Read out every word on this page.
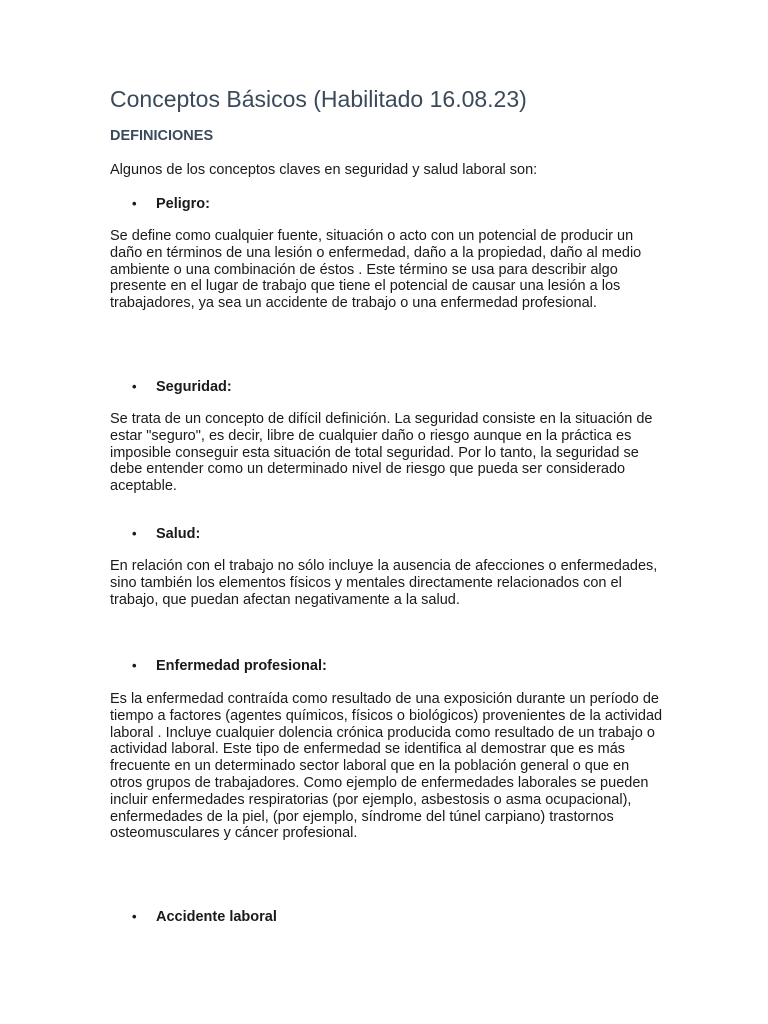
Conceptos Básicos (Habilitado 16.08.23)
DEFINICIONES

Algunos de los conceptos claves en seguridad y salud laboral son:

• Peligro:

Se define como cualquier fuente, situación o acto con un potencial de producir un daño en términos de una lesión o enfermedad, daño a la propiedad, daño al medio ambiente o una combinación de éstos . Este término se usa para describir algo presente en el lugar de trabajo que tiene el potencial de causar una lesión a los trabajadores, ya sea un accidente de trabajo o una enfermedad profesional.

• Seguridad:

Se trata de un concepto de difícil definición. La seguridad consiste en la situación de estar "seguro", es decir, libre de cualquier daño o riesgo aunque en la práctica es imposible conseguir esta situación de total seguridad. Por lo tanto, la seguridad se debe entender como un determinado nivel de riesgo que pueda ser considerado aceptable.

• Salud:

En relación con el trabajo no sólo incluye la ausencia de afecciones o enfermedades, sino también los elementos físicos y mentales directamente relacionados con el trabajo, que puedan afectan negativamente a la salud.

• Enfermedad profesional:

Es la enfermedad contraída como resultado de una exposición durante un período de tiempo a factores (agentes químicos, físicos o biológicos) provenientes de la actividad laboral . Incluye cualquier dolencia crónica producida como resultado de un trabajo o actividad laboral. Este tipo de enfermedad se identifica al demostrar que es más frecuente en un determinado sector laboral que en la población general o que en otros grupos de trabajadores. Como ejemplo de enfermedades laborales se pueden incluir enfermedades respiratorias (por ejemplo, asbestosis o asma ocupacional), enfermedades de la piel, (por ejemplo, síndrome del túnel carpiano) trastornos osteomusculares y cáncer profesional.

• Accidente laboral
